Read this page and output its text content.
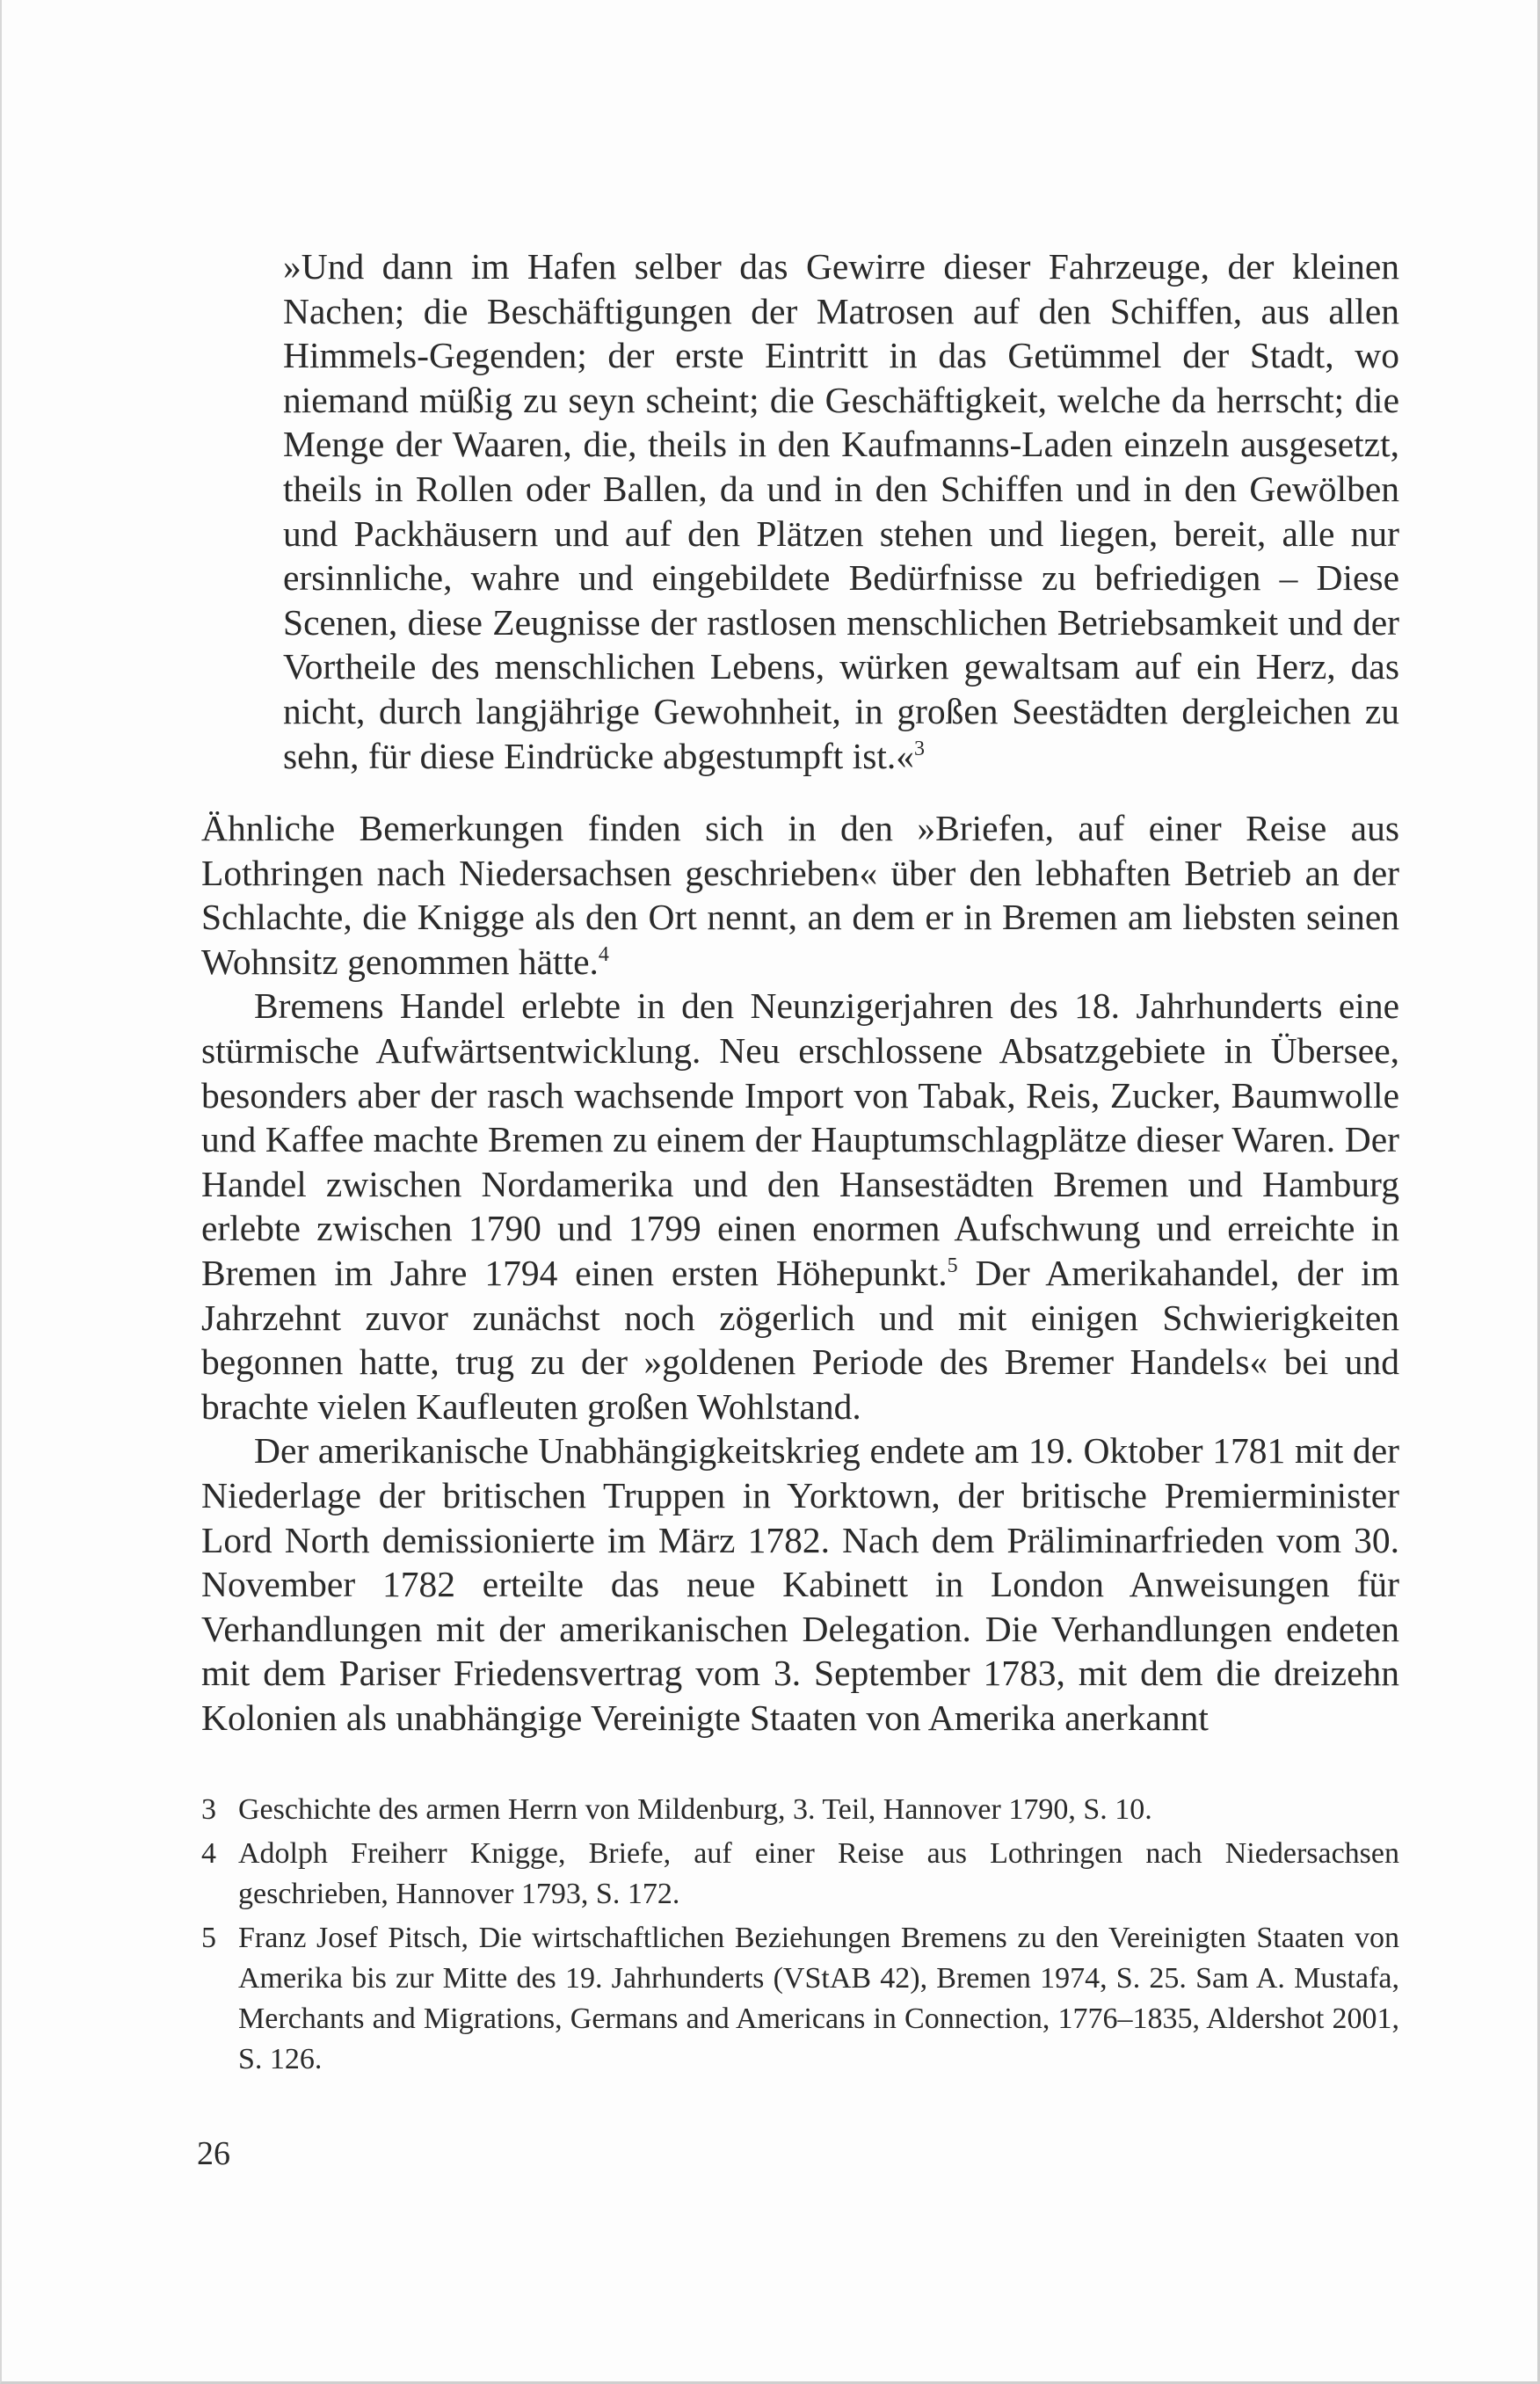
»Und dann im Hafen selber das Gewirre dieser Fahrzeuge, der kleinen Nachen; die Beschäftigungen der Matrosen auf den Schiffen, aus allen Himmels-Gegenden; der erste Eintritt in das Getümmel der Stadt, wo niemand müßig zu seyn scheint; die Geschäftigkeit, welche da herrscht; die Menge der Waaren, die, theils in den Kaufmanns-Laden einzeln ausgesetzt, theils in Rollen oder Ballen, da und in den Schiffen und in den Gewölben und Packhäusern und auf den Plätzen stehen und liegen, bereit, alle nur ersinnliche, wahre und eingebildete Bedürfnisse zu befriedigen – Diese Scenen, diese Zeugnisse der rastlosen menschlichen Betriebsamkeit und der Vortheile des menschlichen Lebens, würken gewaltsam auf ein Herz, das nicht, durch langjährige Gewohnheit, in großen Seestädten dergleichen zu sehn, für diese Eindrücke abgestumpft ist.«$^3$

Ähnliche Bemerkungen finden sich in den »Briefen, auf einer Reise aus Lothringen nach Niedersachsen geschrieben« über den lebhaften Betrieb an der Schlachte, die Knigge als den Ort nennt, an dem er in Bremen am liebsten seinen Wohnsitz genommen hätte.$^4$

Bremens Handel erlebte in den Neunzigerjahren des 18. Jahrhunderts eine stürmische Aufwärtsentwicklung. Neu erschlossene Absatzgebiete in Übersee, besonders aber der rasch wachsende Import von Tabak, Reis, Zucker, Baumwolle und Kaffee machte Bremen zu einem der Hauptumschlagplätze dieser Waren. Der Handel zwischen Nordamerika und den Hansestädten Bremen und Hamburg erlebte zwischen 1790 und 1799 einen enormen Aufschwung und erreichte in Bremen im Jahre 1794 einen ersten Höhepunkt.$^5$ Der Amerikahandel, der im Jahrzehnt zuvor zunächst noch zögerlich und mit einigen Schwierigkeiten begonnen hatte, trug zu der »goldenen Periode des Bremer Handels« bei und brachte vielen Kaufleuten großen Wohlstand.

Der amerikanische Unabhängigkeitskrieg endete am 19. Oktober 1781 mit der Niederlage der britischen Truppen in Yorktown, der britische Premierminister Lord North demissionierte im März 1782. Nach dem Präliminarfrieden vom 30. November 1782 erteilte das neue Kabinett in London Anweisungen für Verhandlungen mit der amerikanischen Delegation. Die Verhandlungen endeten mit dem Pariser Friedensvertrag vom 3. September 1783, mit dem die dreizehn Kolonien als unabhängige Vereinigte Staaten von Amerika anerkannt

3 Geschichte des armen Herrn von Mildenburg, 3. Teil, Hannover 1790, S. 10.
4 Adolph Freiherr Knigge, Briefe, auf einer Reise aus Lothringen nach Niedersachsen geschrieben, Hannover 1793, S. 172.
5 Franz Josef Pitsch, Die wirtschaftlichen Beziehungen Bremens zu den Vereinigten Staaten von Amerika bis zur Mitte des 19. Jahrhunderts (VStAB 42), Bremen 1974, S. 25. Sam A. Mustafa, Merchants and Migrations, Germans and Americans in Connection, 1776–1835, Aldershot 2001, S. 126.
26
